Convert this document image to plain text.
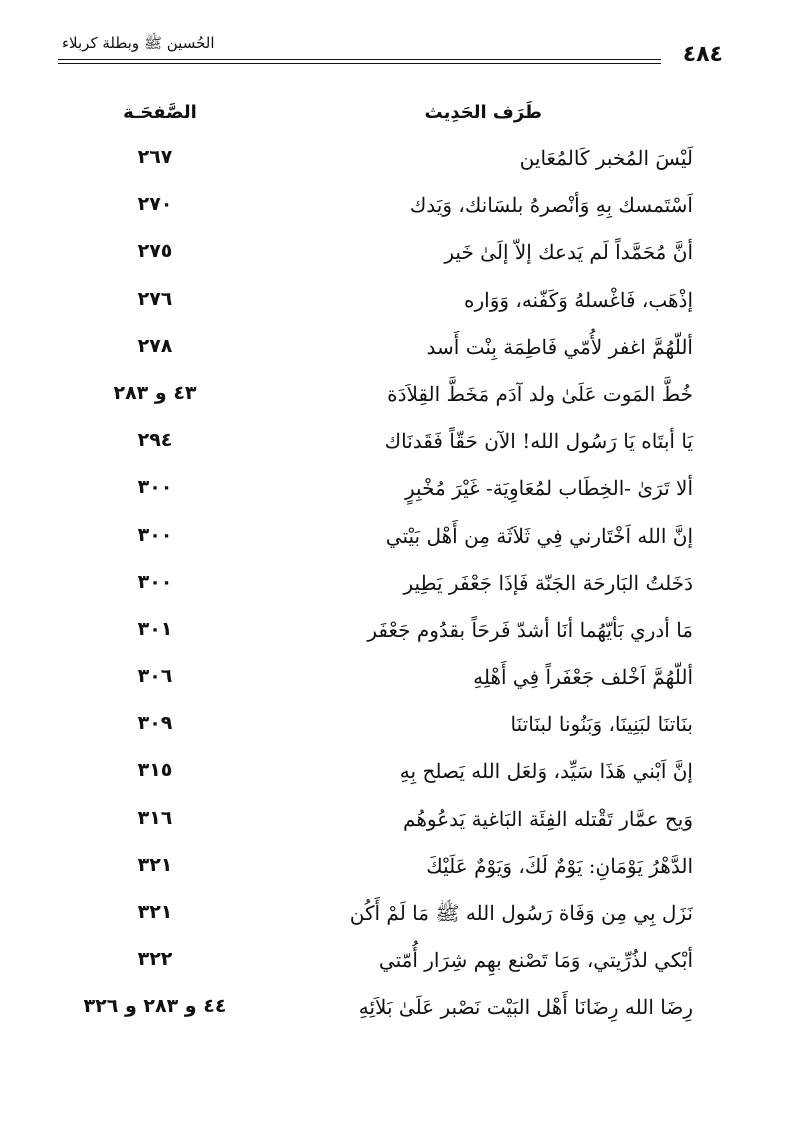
٤٨٤
الحُسين ﷺ وبطلة كربلاء
طَرَف الحَدِيث
الصَّفحَـة
لَيْسَ المُخبر كَالمُعَاين
٢٦٧
اَسْتَمسك بِهِ وَأنْصرهُ بلسَانك، وَيَدك
٢٧٠
أنَّ مُحَمَّداً لَم يَدعك إلاّ إلَىٰ خَير
٢٧٥
إذْهَب، فَاغْسلهُ وَكَفّنه، وَوَاره
٢٧٦
أللّهُمَّ اغفر لأُمّي فَاطِمَة بِنْت أَسد
٢٧٨
خُطَّ المَوت عَلَىٰ ولد آدَم مَخَطَّ القِلاَدَة
٤٣ و ٢٨٣
يَا أبتَاه يَا رَسُول الله! الآن حَقّاً فَقَدنَاك
٢٩٤
ألا تَرَىٰ -الخِطَاب لمُعَاوِيَة- غَيْرَ مُخْبِرٍ
٣٠٠
إنَّ الله اَخْتَارني فِي ثَلاَثَة مِن أَهْل بَيْتي
٣٠٠
دَخَلتُ البَارحَة الجَنّة فَإذَا جَعْفَر يَطِير
٣٠٠
مَا أدري بَأيّهُما أنَا أشدّ فَرحَاً بقدُوم جَعْفَر
٣٠١
أللّهُمَّ اَخْلف جَعْفَراً فِي أَهْلِهِ
٣٠٦
بنَاتنَا لبَنِينَا، وَبَنُونا لبنَاتنَا
٣٠٩
إنَّ اَبْني هَذَا سَيِّد، وَلعَل الله يَصلح بِهِ
٣١٥
وَيح عمَّار تَقْتله الفِئَة البَاغية يَدعُوهُم
٣١٦
الدَّهْرُ يَوْمَانِ: يَوْمٌ لَكَ، وَيَوْمٌ عَلَيْكَ
٣٢١
نَزَل بِي مِن وَفَاة رَسُول الله ﷺ مَا لَمْ أَكُن
٣٢١
أبْكي لذُرِّيتي، وَمَا تَصْنع بهِم شِرَار أُمّتي
٣٢٢
رِضَا الله رِضَانَا أَهْل البَيْت نَصْبر عَلَىٰ بَلاَئِهِ
٤٤ و ٢٨٣ و ٣٢٦
